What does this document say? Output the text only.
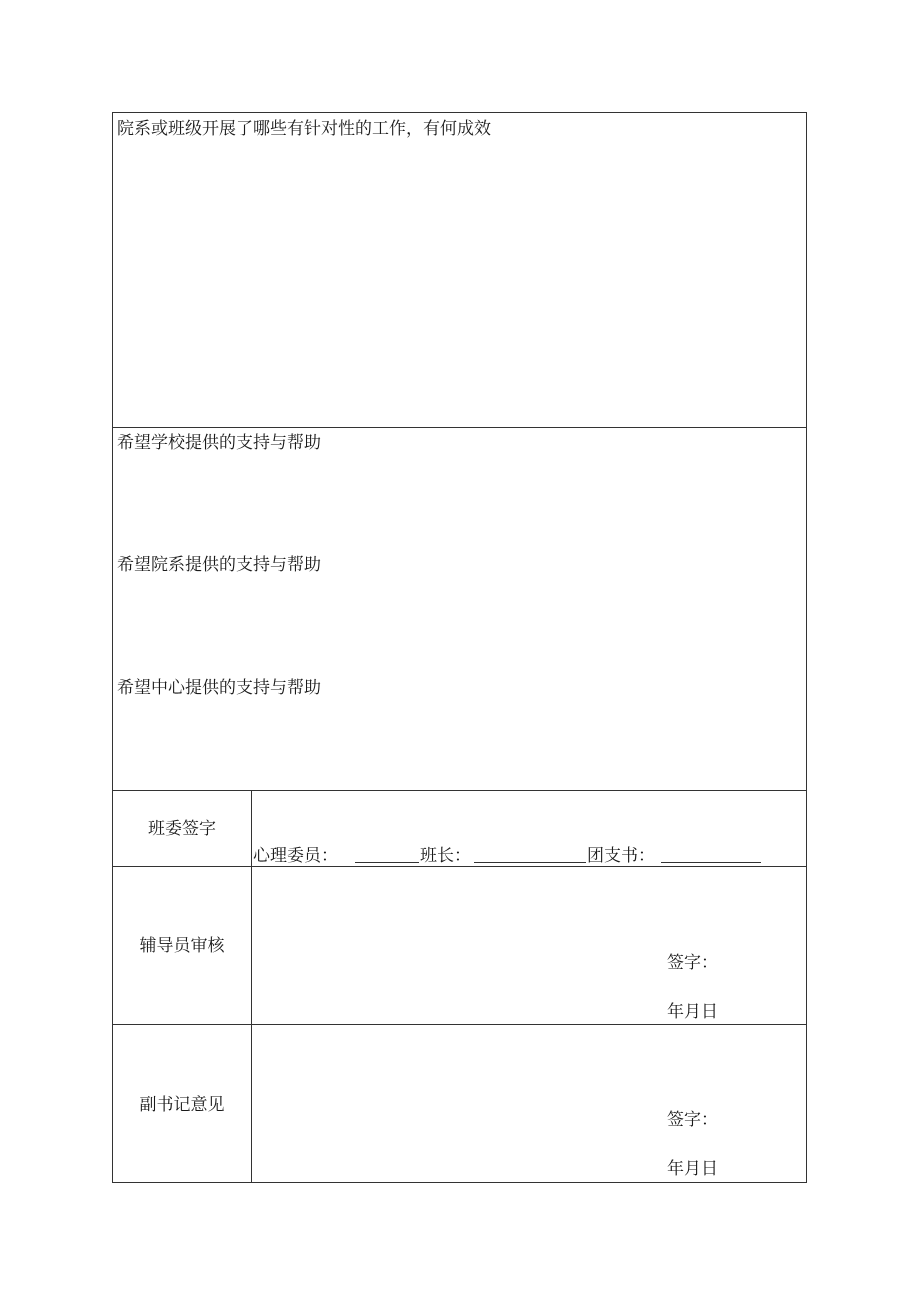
院系或班级开展了哪些有针对性的工作，有何成效
希望学校提供的支持与帮助
希望院系提供的支持与帮助
希望中心提供的支持与帮助
班委签字
心理委员：	班长：	团支书：
辅导员审核
签字：
年月日
副书记意见
签字：
年月日
